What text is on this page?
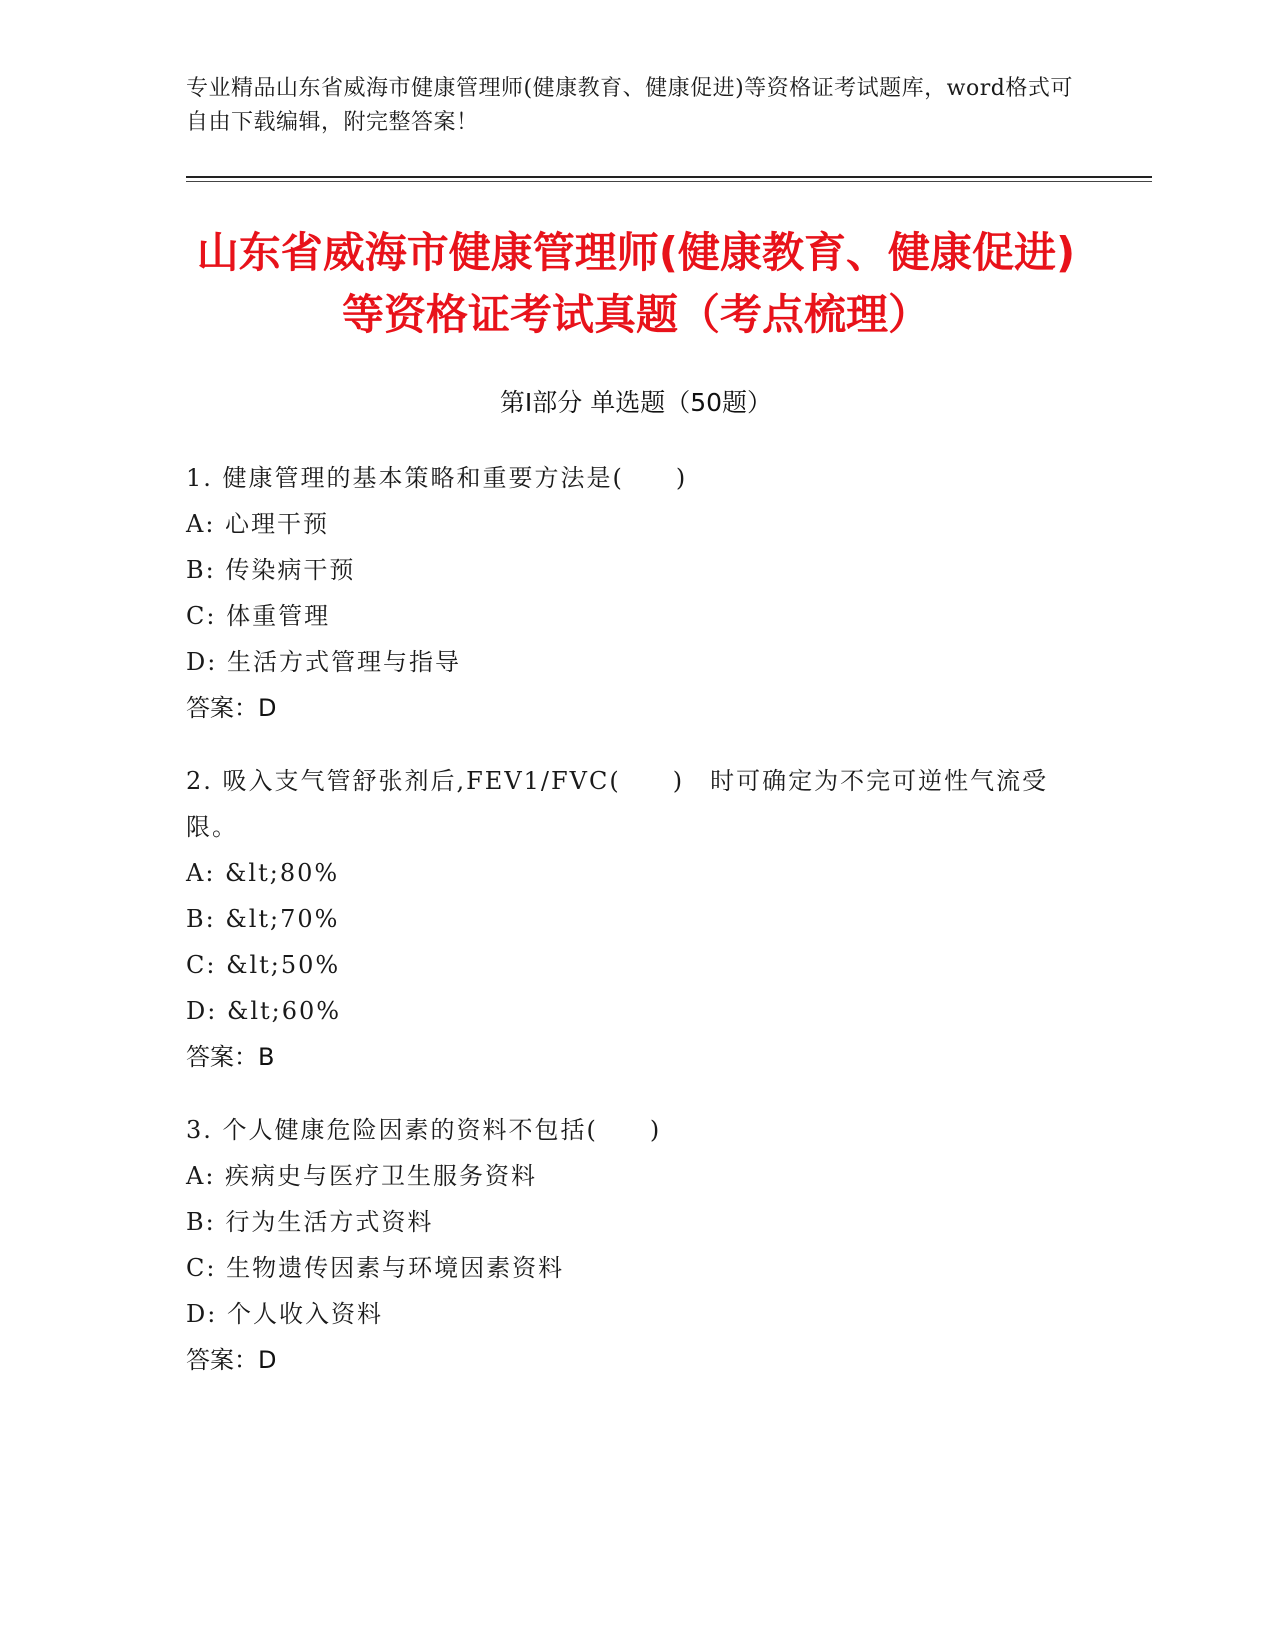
专业精品山东省威海市健康管理师(健康教育、健康促进)等资格证考试题库，word格式可自由下载编辑，附完整答案！
山东省威海市健康管理师(健康教育、健康促进)等资格证考试真题（考点梳理）
第Ⅰ部分 单选题（50题）
1. 健康管理的基本策略和重要方法是(　　)
A: 心理干预
B: 传染病干预
C: 体重管理
D: 生活方式管理与指导
答案：D
2. 吸入支气管舒张剂后,FEV1/FVC(　　)　时可确定为不完可逆性气流受限。
A: &lt;80%
B: &lt;70%
C: &lt;50%
D: &lt;60%
答案：B
3. 个人健康危险因素的资料不包括(　　)
A: 疾病史与医疗卫生服务资料
B: 行为生活方式资料
C: 生物遗传因素与环境因素资料
D: 个人收入资料
答案：D
